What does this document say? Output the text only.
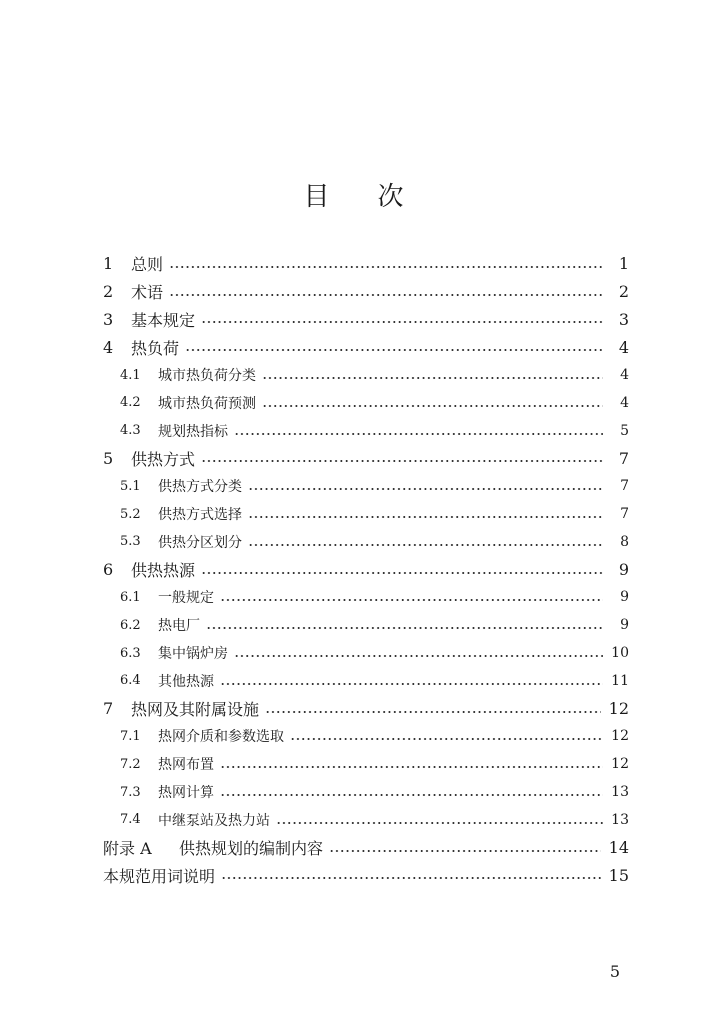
目 次
1	总则	1
2	术语	2
3	基本规定	3
4	热负荷	4
4.1	城市热负荷分类	4
4.2	城市热负荷预测	4
4.3	规划热指标	5
5	供热方式	7
5.1	供热方式分类	7
5.2	供热方式选择	7
5.3	供热分区划分	8
6	供热热源	9
6.1	一般规定	9
6.2	热电厂	9
6.3	集中锅炉房	10
6.4	其他热源	11
7	热网及其附属设施	12
7.1	热网介质和参数选取	12
7.2	热网布置	12
7.3	热网计算	13
7.4	中继泵站及热力站	13
附录 A	供热规划的编制内容	14
本规范用词说明	15
5
